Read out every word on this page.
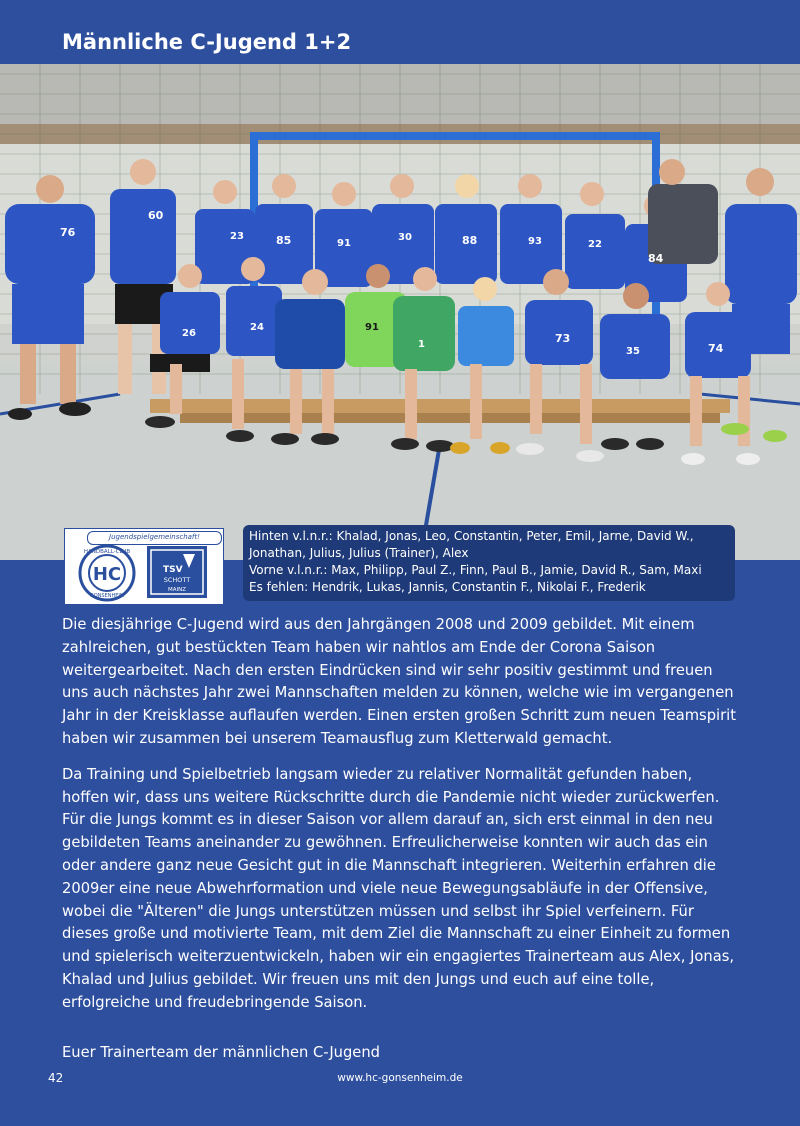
Männliche C-Jugend 1+2
76
60
23	85	91
30	88	93	22
84
26
24	91
1	73
35	74
Jugendspielgemeinschaft!
HANDBALL-CLUB
GONSENHEIM
HC	TSV
SCHOTT
MAINZ
Hinten v.l.n.r.: Khalad, Jonas, Leo, Constantin, Peter, Emil, Jarne, David W.,
Jonathan, Julius, Julius (Trainer), Alex
Vorne v.l.n.r.: Max, Philipp, Paul Z., Finn, Paul B., Jamie, David R., Sam, Maxi
Es fehlen: Hendrik, Lukas, Jannis, Constantin F., Nikolai F., Frederik

Die diesjährige C-Jugend wird aus den Jahrgängen 2008 und 2009 gebildet. Mit einem zahlreichen, gut bestückten Team haben wir nahtlos am Ende der Corona Saison weitergearbeitet. Nach den ersten Eindrücken sind wir sehr positiv gestimmt und freuen uns auch nächstes Jahr zwei Mannschaften melden zu können, welche wie im vergangenen Jahr in der Kreisklasse auflaufen werden. Einen ersten großen Schritt zum neuen Teamspirit haben wir zusammen bei unserem Teamausflug zum Kletterwald gemacht.

Da Training und Spielbetrieb langsam wieder zu relativer Normalität gefunden haben, hoffen wir, dass uns weitere Rückschritte durch die Pandemie nicht wieder zurückwerfen. Für die Jungs kommt es in dieser Saison vor allem darauf an, sich erst einmal in den neu gebildeten Teams aneinander zu gewöhnen. Erfreulicherweise konnten wir auch das ein oder andere ganz neue Gesicht gut in die Mannschaft integrieren. Weiterhin erfahren die 2009er eine neue Abwehrformation und viele neue Bewegungsabläufe in der Offensive, wobei die "Älteren" die Jungs unterstützen müssen und selbst ihr Spiel verfeinern. Für dieses große und motivierte Team, mit dem Ziel die Mannschaft zu einer Einheit zu formen und spielerisch weiterzuentwickeln, haben wir ein engagiertes Trainerteam aus Alex, Jonas, Khalad und Julius gebildet. Wir freuen uns mit den Jungs und euch auf eine tolle, erfolgreiche und freudebringende Saison.

Euer Trainerteam der männlichen C-Jugend
42	www.hc-gonsenheim.de
